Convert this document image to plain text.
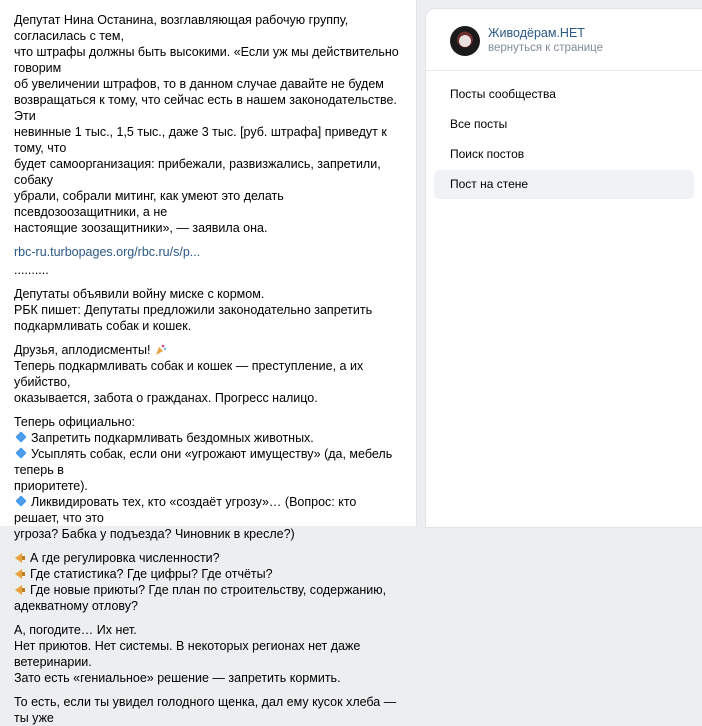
Депутат Нина Останина, возглавляющая рабочую группу, согласилась с тем,
что штрафы должны быть высокими. «Если уж мы действительно говорим
об увеличении штрафов, то в данном случае давайте не будем
возвращаться к тому, что сейчас есть в нашем законодательстве. Эти
невинные 1 тыс., 1,5 тыс., даже 3 тыс. [руб. штрафа] приведут к тому, что
будет самоорганизация: прибежали, развизжались, запретили, собаку
убрали, собрали митинг, как умеют это делать псевдозоозащитники, а не
настоящие зоозащитники», — заявила она.

rbc-ru.turbopages.org/rbc.ru/s/p...

..........

Депутаты объявили войну миске с кормом.
РБК пишет: Депутаты предложили законодательно запретить
подкармливать собак и кошек.

Друзья, аплодисменты!
Теперь подкармливать собак и кошек — преступление, а их убийство,
оказывается, забота о гражданах. Прогресс налицо.

Теперь официально:
Запретить подкармливать бездомных животных.
Усыплять собак, если они «угрожают имуществу» (да, мебель теперь в
приоритете).
Ликвидировать тех, кто «создаёт угрозу»… (Вопрос: кто решает, что это
угроза? Бабка у подъезда? Чиновник в кресле?)

А где регулировка численности?
Где статистика? Где цифры? Где отчёты?
Где новые приюты? Где план по строительству, содержанию,
адекватному отлову?

А, погодите… Их нет.
Нет приютов. Нет системы. В некоторых регионах нет даже ветеринарии.
Зато есть «гениальное» решение — запретить кормить.

То есть, если ты увидел голодного щенка, дал ему кусок хлеба — ты уже

Живодёрам.НЕТ
вернуться к странице
Посты сообщества
Все посты
Поиск постов
Пост на стене
